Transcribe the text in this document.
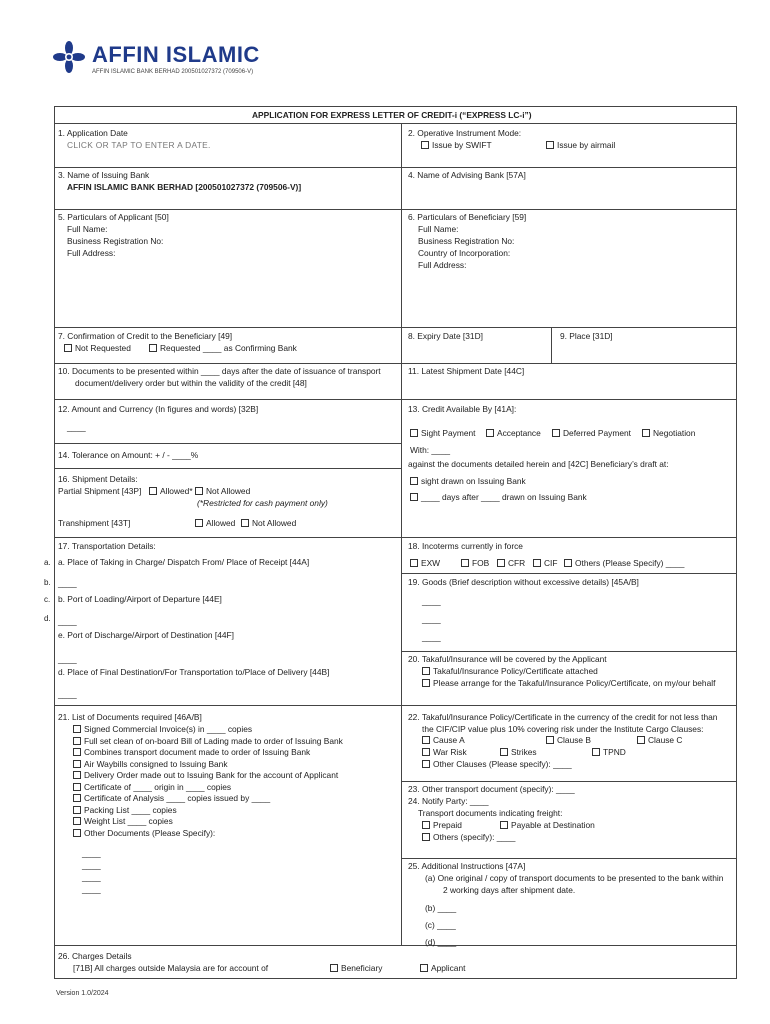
AFFIN ISLAMIC
AFFIN ISLAMIC BANK BERHAD 200501027372 (709506-V)
APPLICATION FOR EXPRESS LETTER OF CREDIT-i (“EXPRESS LC-i”)
1. Application Date
CLICK OR TAP TO ENTER A DATE.
2. Operative Instrument Mode:
Issue by SWIFT	Issue by airmail
3. Name of Issuing Bank
AFFIN ISLAMIC BANK BERHAD [200501027372 (709506-V)]
4. Name of Advising Bank [57A]
5. Particulars of Applicant [50]
Full Name:
Business Registration No:
Full Address:
6. Particulars of Beneficiary [59]
Full Name:
Business Registration No:
Country of Incorporation:
Full Address:
7. Confirmation of Credit to the Beneficiary [49]
Not Requested	Requested ____ as Confirming Bank
8. Expiry Date [31D]	9. Place [31D]
10. Documents to be presented within ____ days after the date of issuance of transport
document/delivery order but within the validity of the credit [48]
11. Latest Shipment Date [44C]
12. Amount and Currency (In figures and words) [32B]
____
14. Tolerance on Amount: + / - ____%
16. Shipment Details:
Partial Shipment [43P]	Allowed*	Not Allowed
(*Restricted for cash payment only)
Transhipment [43T]	Allowed	Not Allowed
13. Credit Available By [41A]:
Sight Payment	Acceptance	Deferred Payment	Negotiation
With: ____
against the documents detailed herein and [42C] Beneficiary’s draft at:
sight drawn on Issuing Bank
____ days after ____ drawn on Issuing Bank
17. Transportation Details:
a.
b.
c.
d.
a. Place of Taking in Charge/ Dispatch From/ Place of Receipt [44A]
____
b. Port of Loading/Airport of Departure [44E]
____
e. Port of Discharge/Airport of Destination [44F]
____
d. Place of Final Destination/For Transportation to/Place of Delivery [44B]
____
18. Incoterms currently in force
EXW	FOB	CFR	CIF	Others (Please Specify) ____
19. Goods (Brief description without excessive details) [45A/B]
____
____
____
20. Takaful/Insurance will be covered by the Applicant
Takaful/Insurance Policy/Certificate attached
Please arrange for the Takaful/Insurance Policy/Certificate, on my/our behalf
21. List of Documents required [46A/B]
Signed Commercial Invoice(s) in ____ copies
Full set clean of on-board Bill of Lading made to order of Issuing Bank
Combines transport document made to order of Issuing Bank
Air Waybills consigned to Issuing Bank
Delivery Order made out to Issuing Bank for the account of Applicant
Certificate of ____ origin in ____ copies
Certificate of Analysis ____ copies issued by ____
Packing List ____ copies
Weight List ____ copies
Other Documents (Please Specify):
____
____
____
____
22. Takaful/Insurance Policy/Certificate in the currency of the credit for not less than
the CIF/CIP value plus 10% covering risk under the Institute Cargo Clauses:
Cause A	Clause B	Clause C
War Risk	Strikes	TPND
Other Clauses (Please specify): ____
23. Other transport document (specify): ____
24. Notify Party: ____
Transport documents indicating freight:
Prepaid	Payable at Destination
Others (specify): ____
25. Additional Instructions [47A]
(a) One original / copy of transport documents to be presented to the bank within
2 working days after shipment date.
(b) ____
(c) ____
(d) ____
26. Charges Details
[71B] All charges outside Malaysia are for account of	Beneficiary	Applicant
Version 1.0/2024
